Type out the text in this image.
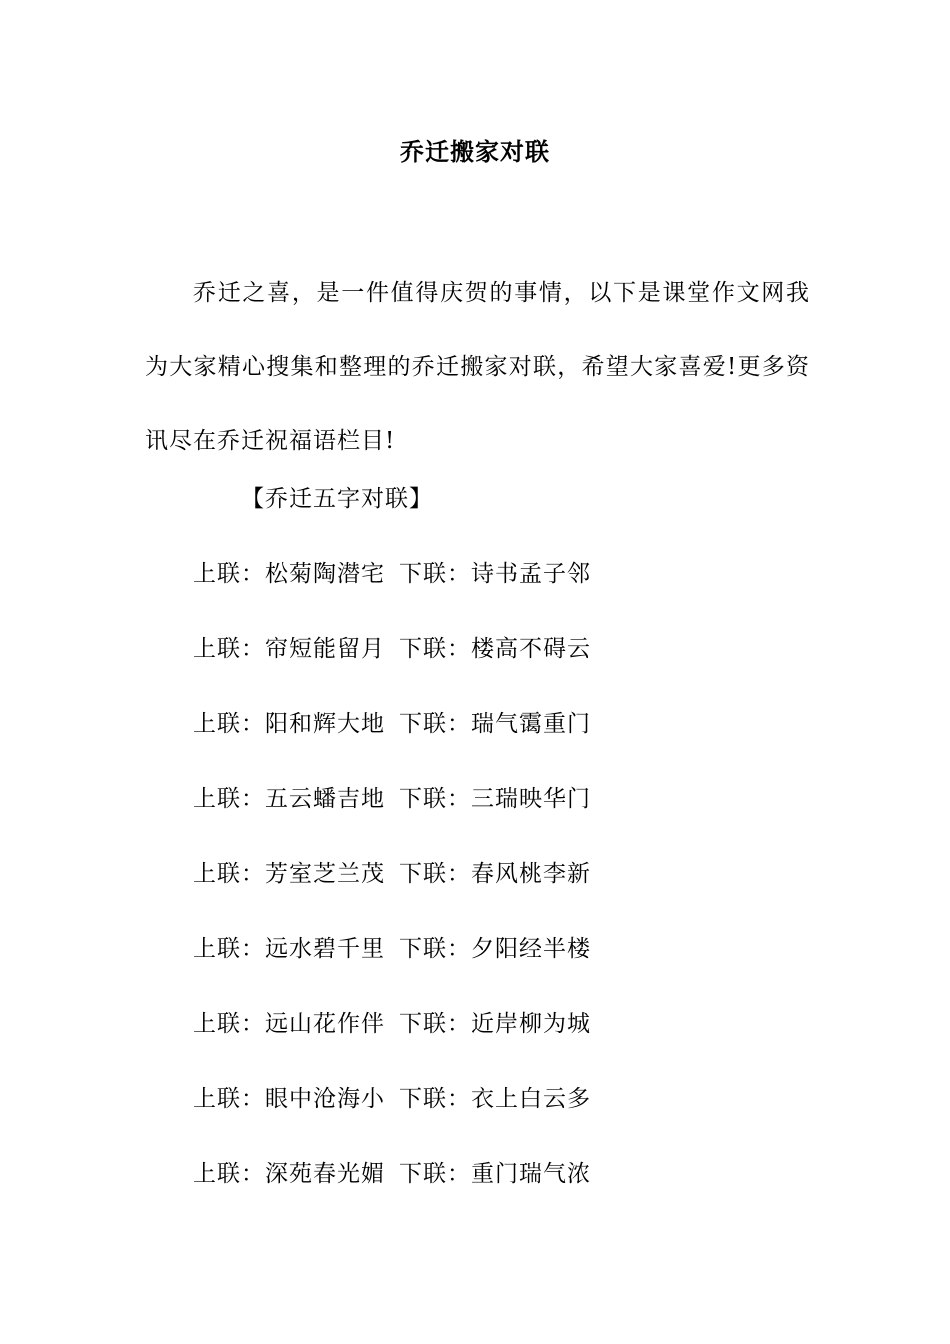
乔迁搬家对联
乔迁之喜，是一件值得庆贺的事情，以下是课堂作文网我为大家精心搜集和整理的乔迁搬家对联，希望大家喜爱!更多资讯尽在乔迁祝福语栏目!
【乔迁五字对联】
上联：松菊陶潜宅 下联：诗书孟子邻
上联：帘短能留月 下联：楼高不碍云
上联：阳和辉大地 下联：瑞气霭重门
上联：五云蟠吉地 下联：三瑞映华门
上联：芳室芝兰茂 下联：春风桃李新
上联：远水碧千里 下联：夕阳经半楼
上联：远山花作伴 下联：近岸柳为城
上联：眼中沧海小 下联：衣上白云多
上联：深苑春光媚 下联：重门瑞气浓
